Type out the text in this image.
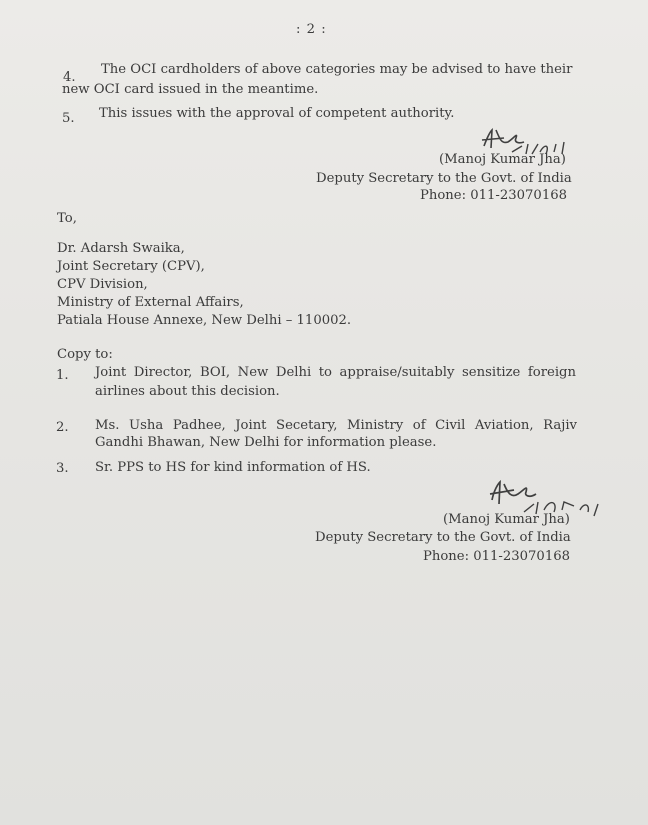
: 2 :
4.
The OCI cardholders of above categories may be advised to have their
new OCI card issued in the meantime.
5. This issues with the approval of competent authority.
(Manoj Kumar Jha)
Deputy Secretary to the Govt. of India
Phone: 011-23070168
To,
Dr. Adarsh Swaika,
Joint Secretary (CPV),
CPV Division,
Ministry of External Affairs,
Patiala House Annexe, New Delhi – 110002.
Copy to:
1. Joint Director, BOI, New Delhi to appraise/suitably sensitize foreign
airlines about this decision.
2. Ms. Usha Padhee, Joint Secetary, Ministry of Civil Aviation, Rajiv
Gandhi Bhawan, New Delhi for information please.
3. Sr. PPS to HS for kind information of HS.
(Manoj Kumar Jha)
Deputy Secretary to the Govt. of India
Phone: 011-23070168
